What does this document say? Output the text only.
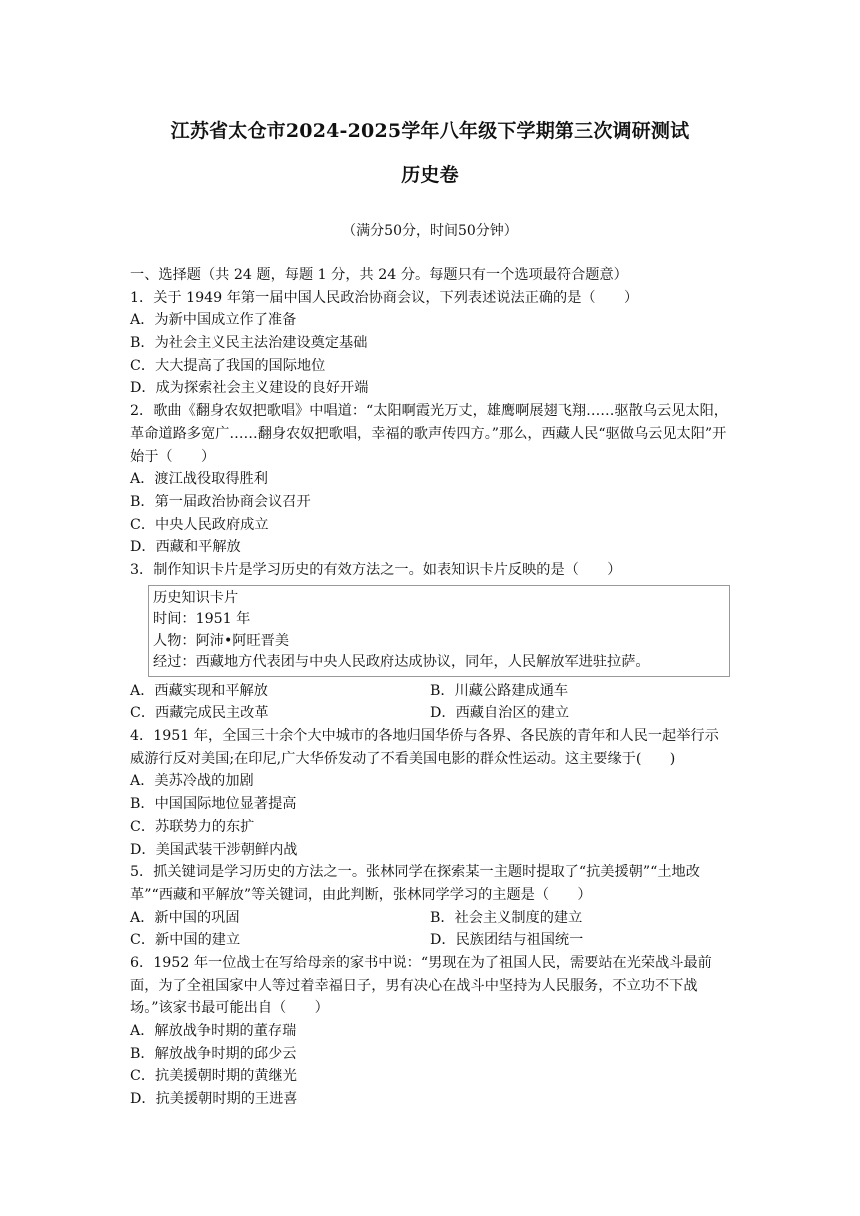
江苏省太仓市2024-2025学年八年级下学期第三次调研测试
历史卷
（满分50分，时间50分钟）
一、选择题（共 24 题，每题 1 分，共 24 分。每题只有一个选项最符合题意）
1．关于 1949 年第一届中国人民政治协商会议，下列表述说法正确的是（　　）
A．为新中国成立作了准备
B．为社会主义民主法治建设奠定基础
C．大大提高了我国的国际地位
D．成为探索社会主义建设的良好开端
2．歌曲《翻身农奴把歌唱》中唱道：“太阳啊霞光万丈，雄鹰啊展翅飞翔……驱散乌云见太阳，革命道路多宽广……翻身农奴把歌唱，幸福的歌声传四方。”那么，西藏人民“驱做乌云见太阳”开始于（　　）
A．渡江战役取得胜利
B．第一届政治协商会议召开
C．中央人民政府成立
D．西藏和平解放
3．制作知识卡片是学习历史的有效方法之一。如表知识卡片反映的是（　　）
历史知识卡片
时间：1951 年
人物：阿沛•阿旺晋美
经过：西藏地方代表团与中央人民政府达成协议，同年，人民解放军进驻拉萨。
A．西藏实现和平解放	B．川藏公路建成通车
C．西藏完成民主改革	D．西藏自治区的建立
4．1951 年，全国三十余个大中城市的各地归国华侨与各界、各民族的青年和人民一起举行示威游行反对美国;在印尼,广大华侨发动了不看美国电影的群众性运动。这主要缘于(　　)
A．美苏冷战的加剧
B．中国国际地位显著提高
C．苏联势力的东扩
D．美国武装干涉朝鲜内战
5．抓关键词是学习历史的方法之一。张林同学在探索某一主题时提取了“抗美援朝”“土地改革”“西藏和平解放”等关键词，由此判断，张林同学学习的主题是（　　）
A．新中国的巩固	B．社会主义制度的建立
C．新中国的建立	D．民族团结与祖国统一
6．1952 年一位战士在写给母亲的家书中说：“男现在为了祖国人民，需要站在光荣战斗最前面，为了全祖国家中人等过着幸福日子，男有决心在战斗中坚持为人民服务，不立功不下战场。”该家书最可能出自（　　）
A．解放战争时期的董存瑞
B．解放战争时期的邱少云
C．抗美援朝时期的黄继光
D．抗美援朝时期的王进喜
